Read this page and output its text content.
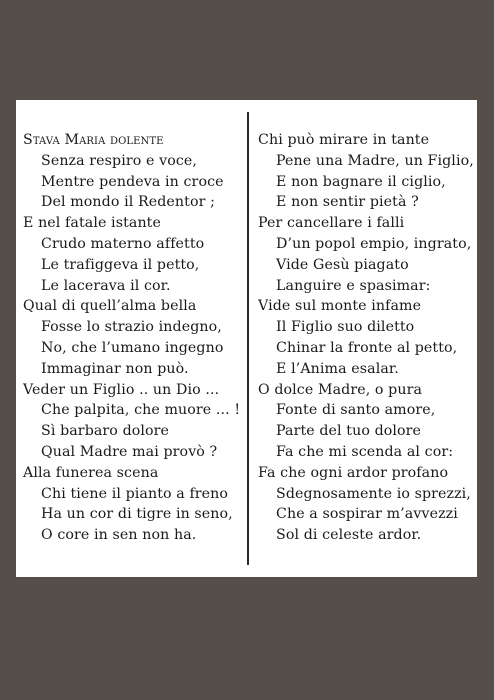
Stava Maria dolente
Senza respiro e voce,
Mentre pendeva in croce
Del mondo il Redentor ;
E nel fatale istante
Crudo materno affetto
Le trafiggeva il petto,
Le lacerava il cor.
Qual di quell’alma bella
Fosse lo strazio indegno,
No, che l’umano ingegno
Immaginar non può.
Veder un Figlio .. un Dio ...
Che palpita, che muore ... !
Sì barbaro dolore
Qual Madre mai provò ?
Alla funerea scena
Chi tiene il pianto a freno
Ha un cor di tigre in seno,
O core in sen non ha.
Chi può mirare in tante
Pene una Madre, un Figlio,
E non bagnare il ciglio,
E non sentir pietà ?
Per cancellare i falli
D’un popol empio, ingrato,
Vide Gesù piagato
Languire e spasimar:
Vide sul monte infame
Il Figlio suo diletto
Chinar la fronte al petto,
E l’Anima esalar.
O dolce Madre, o pura
Fonte di santo amore,
Parte del tuo dolore
Fa che mi scenda al cor:
Fa che ogni ardor profano
Sdegnosamente io sprezzi,
Che a sospirar m’avvezzi
Sol di celeste ardor.
